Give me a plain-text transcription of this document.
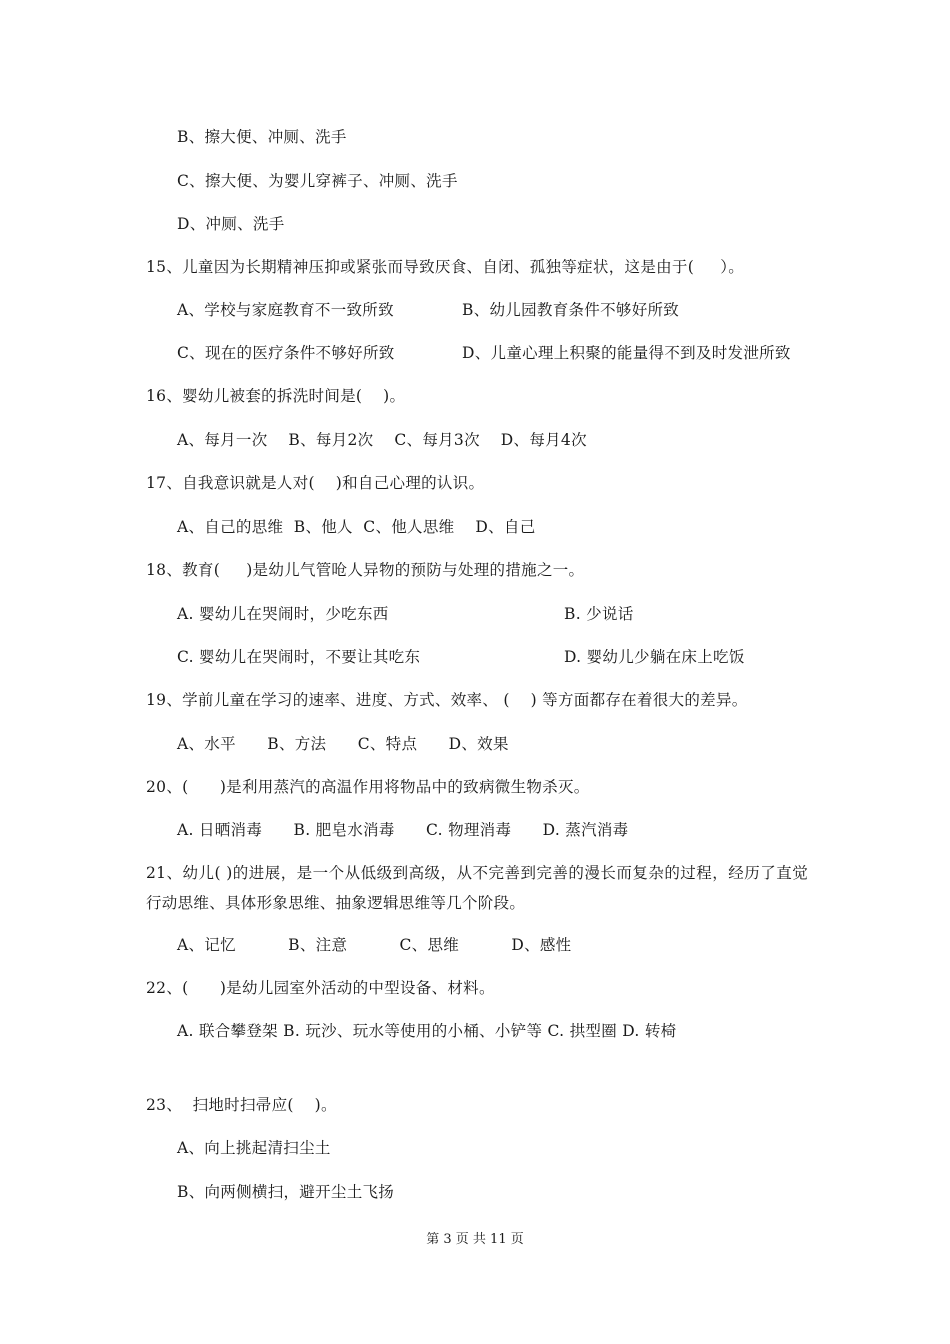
B、擦大便、冲厕、洗手
C、擦大便、为婴儿穿裤子、冲厕、洗手
D、冲厕、洗手
15、儿童因为长期精神压抑或紧张而导致厌食、自闭、孤独等症状，这是由于(     ）。
A、学校与家庭教育不一致所致	B、幼儿园教育条件不够好所致
C、现在的医疗条件不够好所致	D、儿童心理上积聚的能量得不到及时发泄所致
16、婴幼儿被套的拆洗时间是(    )。
A、每月一次    B、每月2次    C、每月3次    D、每月4次
17、自我意识就是人对(    )和自己心理的认识。
A、自己的思维  B、他人  C、他人思维    D、自己
18、教育(     )是幼儿气管呛人异物的预防与处理的措施之一。
A. 婴幼儿在哭闹时，少吃东西	B. 少说话
C. 婴幼儿在哭闹时，不要让其吃东	D. 婴幼儿少躺在床上吃饭
19、学前儿童在学习的速率、进度、方式、效率、 (    ) 等方面都存在着很大的差异。
A、水平      B、方法      C、特点      D、效果
20、(      )是利用蒸汽的高温作用将物品中的致病微生物杀灭。
A. 日晒消毒      B. 肥皂水消毒      C. 物理消毒      D. 蒸汽消毒
21、幼儿( )的进展，是一个从低级到高级，从不完善到完善的漫长而复杂的过程，经历了直觉行动思维、具体形象思维、抽象逻辑思维等几个阶段。
A、记忆          B、注意          C、思维          D、感性
22、(      )是幼儿园室外活动的中型设备、材料。
A. 联合攀登架 B. 玩沙、玩水等使用的小桶、小铲等 C. 拱型圈 D. 转椅
23、  扫地时扫帚应(    )。
A、向上挑起清扫尘土
B、向两侧横扫，避开尘土飞扬
第 3 页 共 11 页
